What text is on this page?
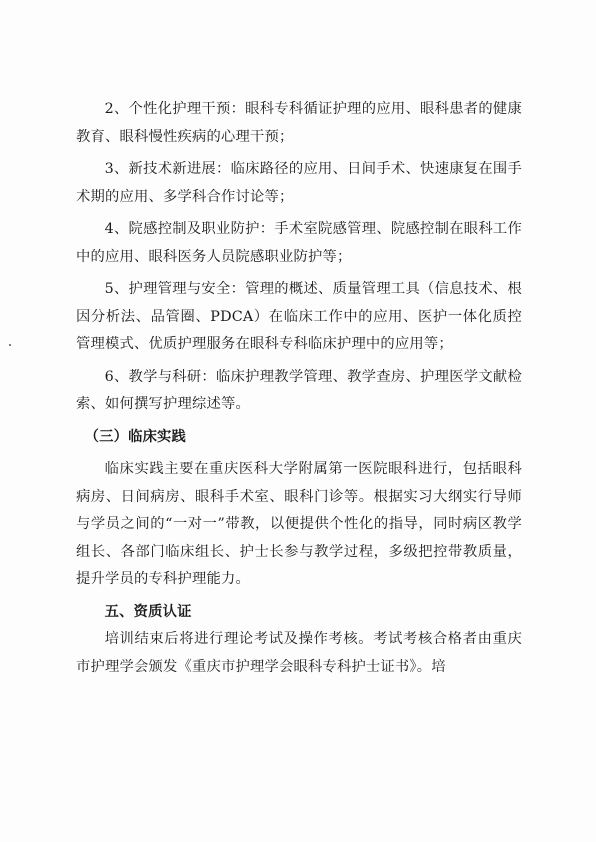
2、个性化护理干预：眼科专科循证护理的应用、眼科患者的健康教育、眼科慢性疾病的心理干预；

3、新技术新进展：临床路径的应用、日间手术、快速康复在围手术期的应用、多学科合作讨论等；

4、院感控制及职业防护：手术室院感管理、院感控制在眼科工作中的应用、眼科医务人员院感职业防护等；

5、护理管理与安全：管理的概述、质量管理工具（信息技术、根因分析法、品管圈、PDCA）在临床工作中的应用、医护一体化质控管理模式、优质护理服务在眼科专科临床护理中的应用等；

6、教学与科研：临床护理教学管理、教学查房、护理医学文献检索、如何撰写护理综述等。

（三）临床实践

临床实践主要在重庆医科大学附属第一医院眼科进行，包括眼科病房、日间病房、眼科手术室、眼科门诊等。根据实习大纲实行导师与学员之间的“一对一”带教，以便提供个性化的指导，同时病区教学组长、各部门临床组长、护士长参与教学过程，多级把控带教质量，提升学员的专科护理能力。

五、资质认证

培训结束后将进行理论考试及操作考核。考试考核合格者由重庆市护理学会颁发《重庆市护理学会眼科专科护士证书》。培
